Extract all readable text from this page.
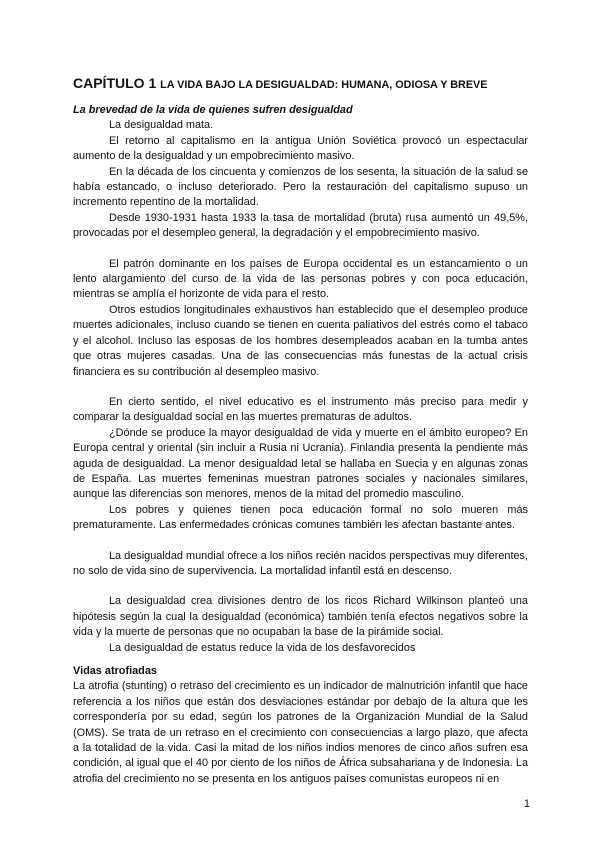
CAPÍTULO 1 LA VIDA BAJO LA DESIGUALDAD: HUMANA, ODIOSA Y BREVE
La brevedad de la vida de quienes sufren desigualdad

La desigualdad mata.

El retorno al capitalismo en la antigua Unión Soviética provocó un espectacular aumento de la desigualdad y un empobrecimiento masivo.

En la década de los cincuenta y comienzos de los sesenta, la situación de la salud se había estancado, o incluso deteriorado. Pero la restauración del capitalismo supuso un incremento repentino de la mortalidad.

Desde 1930-1931 hasta 1933 la tasa de mortalidad (bruta) rusa aumentó un 49,5%, provocadas por el desempleo general, la degradación y el empobrecimiento masivo.

El patrón dominante en los países de Europa occidental es un estancamiento o un lento alargamiento del curso de la vida de las personas pobres y con poca educación, mientras se amplía el horizonte de vida para el resto.

Otros estudios longitudinales exhaustivos han establecido que el desempleo produce muertes adicionales, incluso cuando se tienen en cuenta paliativos del estrés como el tabaco y el alcohol. Incluso las esposas de los hombres desempleados acaban en la tumba antes que otras mujeres casadas. Una de las consecuencias más funestas de la actual crisis financiera es su contribución al desempleo masivo.

En cierto sentido, el nivel educativo es el instrumento más preciso para medir y comparar la desigualdad social en las muertes prematuras de adultos.

¿Dónde se produce la mayor desigualdad de vida y muerte en el ámbito europeo? En Europa central y oriental (sin incluir a Rusia ni Ucrania). Finlandia presenta la pendiente más aguda de desigualdad. La menor desigualdad letal se hallaba en Suecia y en algunas zonas de España. Las muertes femeninas muestran patrones sociales y nacionales similares, aunque las diferencias son menores, menos de la mitad del promedio masculino.

Los pobres y quienes tienen poca educación formal no solo mueren más prematuramente. Las enfermedades crónicas comunes también les afectan bastante antes.

La desigualdad mundial ofrece a los niños recién nacidos perspectivas muy diferentes, no solo de vida sino de supervivencia. La mortalidad infantil está en descenso.

La desigualdad crea divisiones dentro de los ricos Richard Wilkinson planteó una hipótesis según la cual la desigualdad (económica) también tenía efectos negativos sobre la vida y la muerte de personas que no ocupaban la base de la pirámide social.

La desigualdad de estatus reduce la vida de los desfavorecidos

Vidas atrofiadas

La atrofia (stunting) o retraso del crecimiento es un indicador de malnutrición infantil que hace referencia a los niños que están dos desviaciones estándar por debajo de la altura que les correspondería por su edad, según los patrones de la Organización Mundial de la Salud (OMS). Se trata de un retraso en el crecimiento con consecuencias a largo plazo, que afecta a la totalidad de la vida. Casi la mitad de los niños indios menores de cinco años sufren esa condición, al igual que el 40 por ciento de los niños de África subsahariana y de Indonesia. La atrofia del crecimiento no se presenta en los antiguos países comunistas europeos ni en

1
